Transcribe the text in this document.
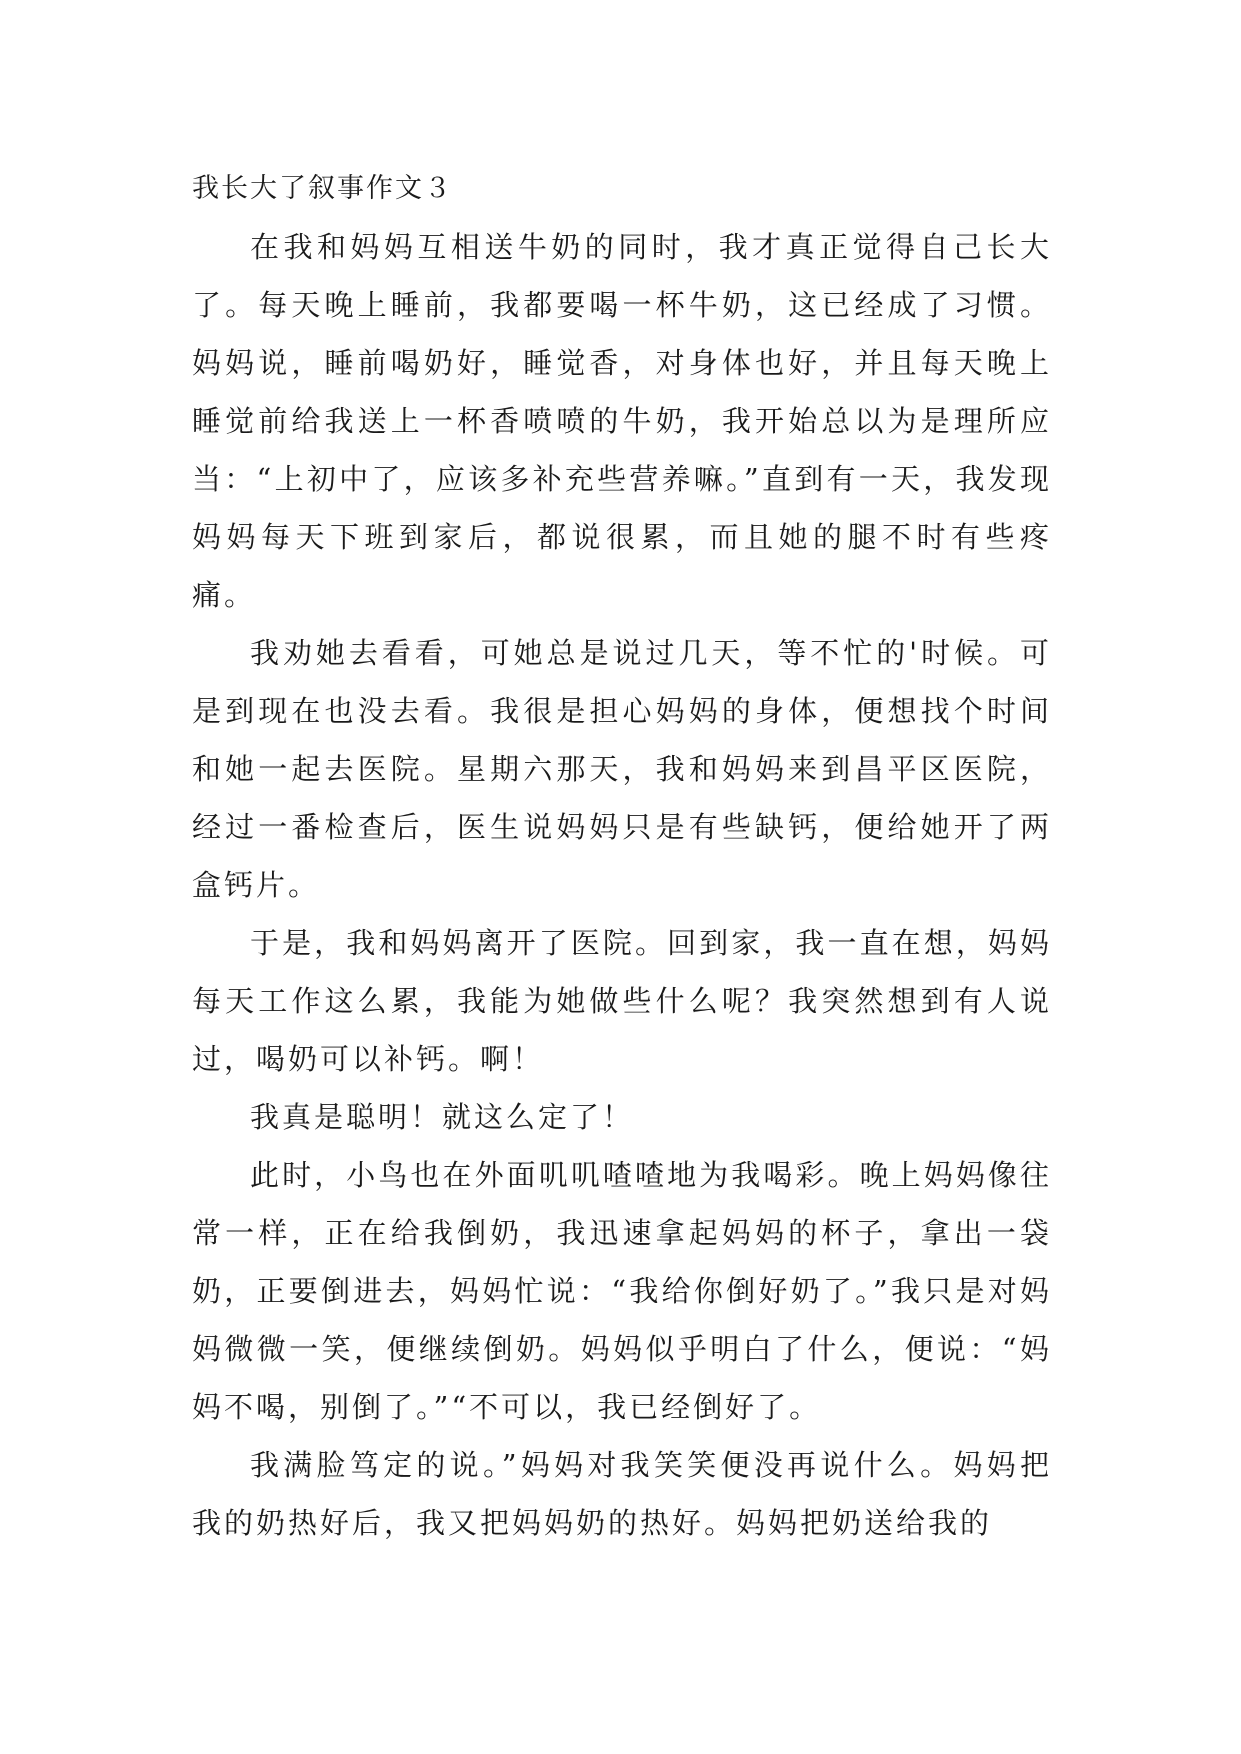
我长大了叙事作文３

在我和妈妈互相送牛奶的同时，我才真正觉得自己长大了。每天晚上睡前，我都要喝一杯牛奶，这已经成了习惯。妈妈说，睡前喝奶好，睡觉香，对身体也好，并且每天晚上睡觉前给我送上一杯香喷喷的牛奶，我开始总以为是理所应当：“上初中了，应该多补充些营养嘛。”直到有一天，我发现妈妈每天下班到家后，都说很累，而且她的腿不时有些疼痛。

我劝她去看看，可她总是说过几天，等不忙的'时候。可是到现在也没去看。我很是担心妈妈的身体，便想找个时间和她一起去医院。星期六那天，我和妈妈来到昌平区医院，经过一番检查后，医生说妈妈只是有些缺钙，便给她开了两盒钙片。

于是，我和妈妈离开了医院。回到家，我一直在想，妈妈每天工作这么累，我能为她做些什么呢？我突然想到有人说过，喝奶可以补钙。啊！

我真是聪明！就这么定了！

此时，小鸟也在外面叽叽喳喳地为我喝彩。晚上妈妈像往常一样，正在给我倒奶，我迅速拿起妈妈的杯子，拿出一袋奶，正要倒进去，妈妈忙说：“我给你倒好奶了。”我只是对妈妈微微一笑，便继续倒奶。妈妈似乎明白了什么，便说：“妈妈不喝，别倒了。”“不可以，我已经倒好了。

我满脸笃定的说。”妈妈对我笑笑便没再说什么。妈妈把我的奶热好后，我又把妈妈奶的热好。妈妈把奶送给我的
